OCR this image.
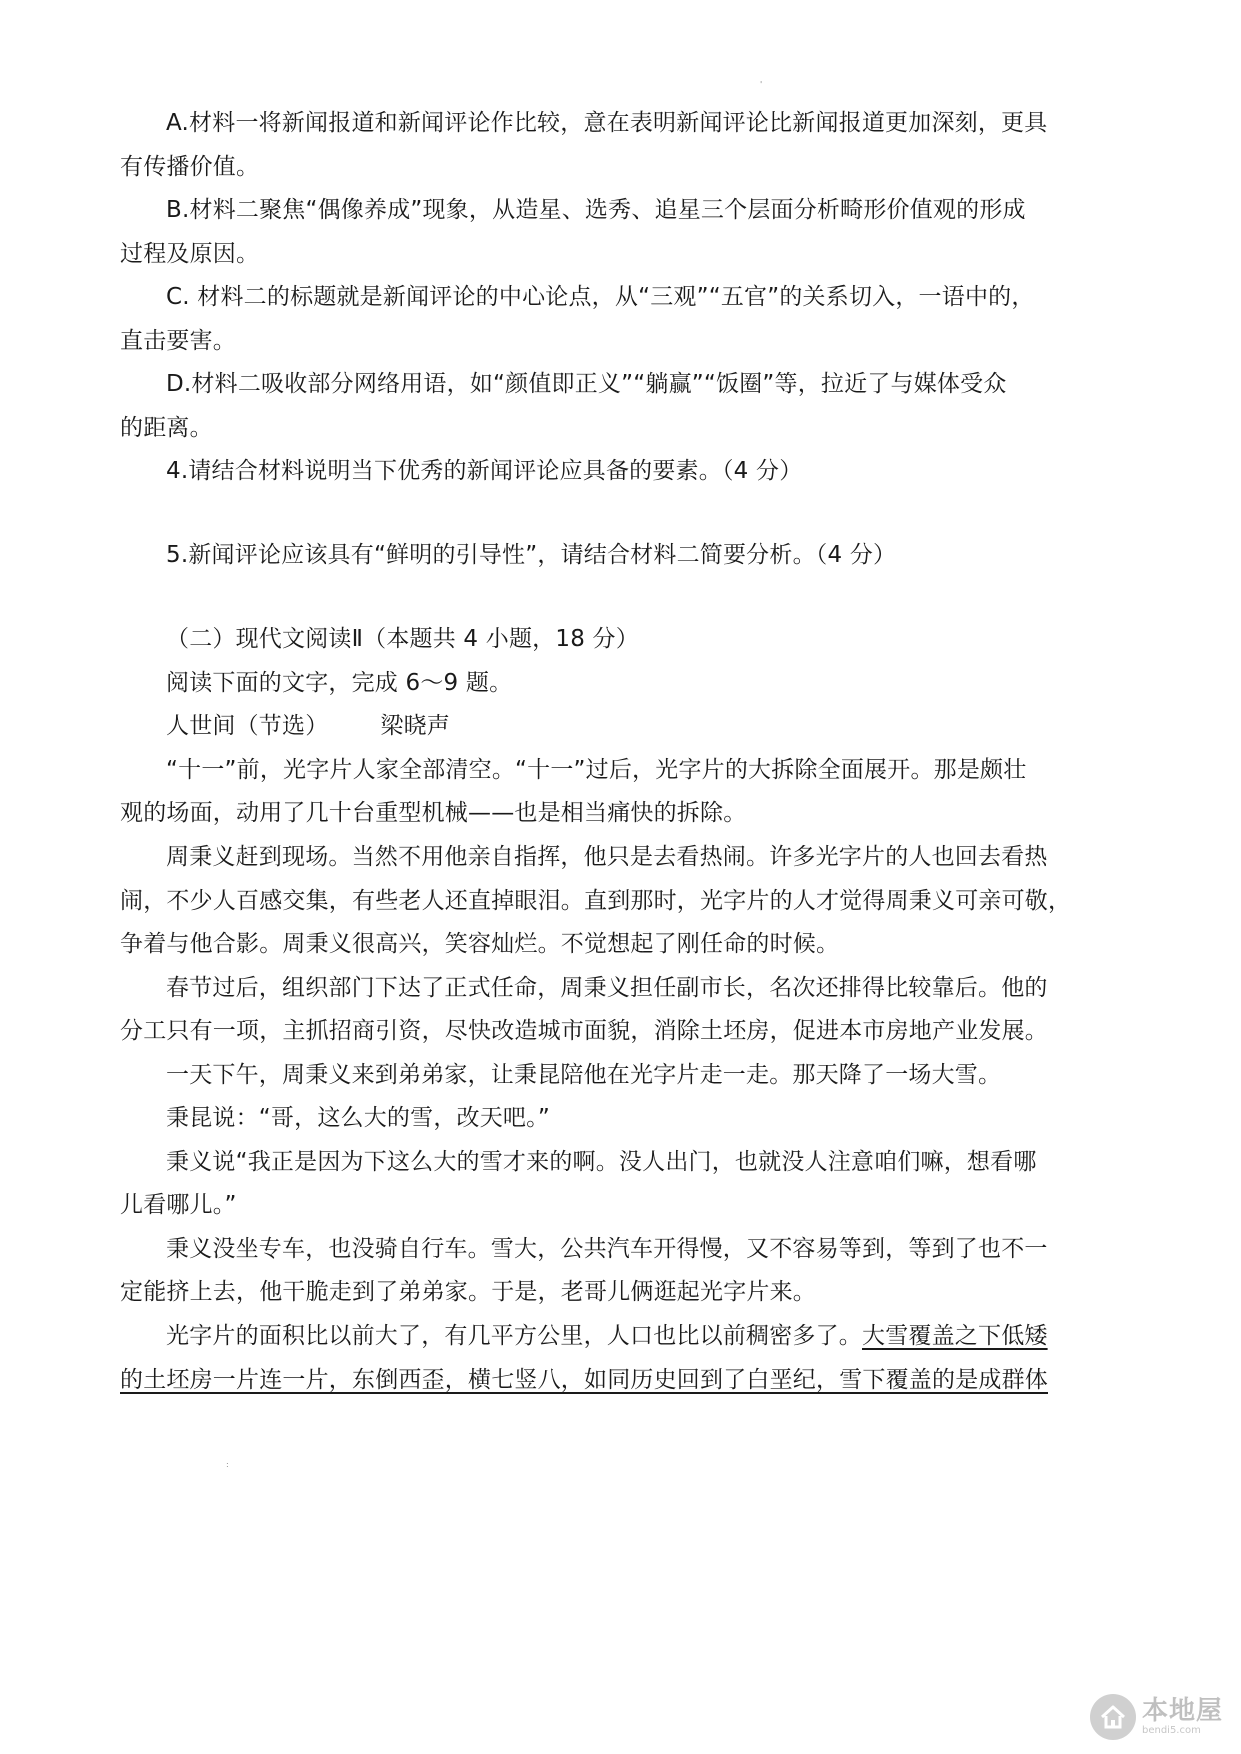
'
A.材料一将新闻报道和新闻评论作比较，意在表明新闻评论比新闻报道更加深刻，更具
有传播价值。
B.材料二聚焦“偶像养成”现象，从造星、选秀、追星三个层面分析畸形价值观的形成
过程及原因。
C. 材料二的标题就是新闻评论的中心论点，从“三观”“五官”的关系切入，一语中的，
直击要害。
D.材料二吸收部分网络用语，如“颜值即正义”“躺赢”“饭圈”等，拉近了与媒体受众
的距离。
4.请结合材料说明当下优秀的新闻评论应具备的要素。（4 分）
5.新闻评论应该具有“鲜明的引导性”，请结合材料二简要分析。（4 分）
（二）现代文阅读Ⅱ（本题共 4 小题，18 分）
阅读下面的文字，完成 6～9 题。
人世间（节选） 梁晓声
“十一”前，光字片人家全部清空。“十一”过后，光字片的大拆除全面展开。那是颇壮
观的场面，动用了几十台重型机械——也是相当痛快的拆除。
周秉义赶到现场。当然不用他亲自指挥，他只是去看热闹。许多光字片的人也回去看热
闹，不少人百感交集，有些老人还直掉眼泪。直到那时，光字片的人才觉得周秉义可亲可敬，
争着与他合影。周秉义很高兴，笑容灿烂。不觉想起了刚任命的时候。
春节过后，组织部门下达了正式任命，周秉义担任副市长，名次还排得比较靠后。他的
分工只有一项，主抓招商引资，尽快改造城市面貌，消除土坯房，促进本市房地产业发展。
一天下午，周秉义来到弟弟家，让秉昆陪他在光字片走一走。那天降了一场大雪。
秉昆说：“哥，这么大的雪，改天吧。”
秉义说“我正是因为下这么大的雪才来的啊。没人出门，也就没人注意咱们嘛，想看哪
儿看哪儿。”
秉义没坐专车，也没骑自行车。雪大，公共汽车开得慢，又不容易等到，等到了也不一
定能挤上去，他干脆走到了弟弟家。于是，老哥儿俩逛起光字片来。
光字片的面积比以前大了，有几平方公里，人口也比以前稠密多了。大雪覆盖之下低矮
的土坯房一片连一片，东倒西歪，横七竖八，如同历史回到了白垩纪，雪下覆盖的是成群体
:
本地屋
bendi5.com
